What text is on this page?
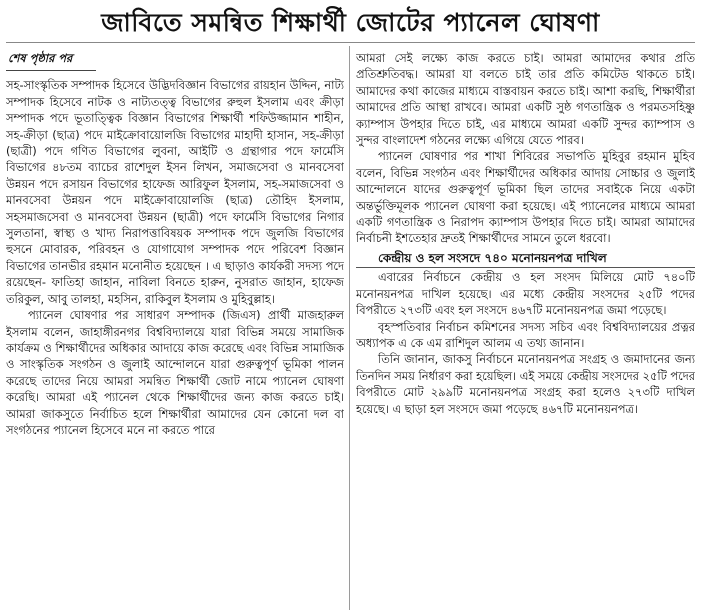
জাবিতে সমন্বিত শিক্ষার্থী জোটের প্যানেল ঘোষণা
শেষ পৃষ্ঠার পর

সহ-সাংস্কৃতিক সম্পাদক হিসেবে উদ্ভিদবিজ্ঞান বিভাগের রায়হান উদ্দিন, নাট্য সম্পাদক হিসেবে নাটক ও নাট্যতত্ত্ব বিভাগের রুহুল ইসলাম এবং ক্রীড়া সম্পাদক পদে ভূতাত্ত্বিক বিজ্ঞান বিভাগের শিক্ষার্থী শফিউজ্জামান শাহীন, সহ-ক্রীড়া (ছাত্র) পদে মাইক্রোবায়োলজি বিভাগের মাহাদী হাসান, সহ-ক্রীড়া (ছাত্রী) পদে গণিত বিভাগের লুবনা, আইটি ও গ্রন্থাগার পদে ফার্মেসি বিভাগের ৪৮তম ব্যাচের রাশেদুল ইসন লিখন, সমাজসেবা ও মানবসেবা উন্নয়ন পদে রসায়ন বিভাগের হাফেজ আরিফুল ইসলাম, সহ-সমাজসেবা ও মানবসেবা উন্নয়ন পদে মাইক্রোবায়োলজি (ছাত্র) তৌহিদ ইসলাম, সহসমাজসেবা ও মানবসেবা উন্নয়ন (ছাত্রী) পদে ফার্মেসি বিভাগের নিগার সুলতানা, স্বাস্থ্য ও খাদ্য নিরাপত্তাবিষয়ক সম্পাদক পদে জুলজি বিভাগের হুসনে মোবারক, পরিবহন ও যোগাযোগ সম্পাদক পদে পরিবেশ বিজ্ঞান বিভাগের তানভীর রহমান মনোনীত হয়েছেন । এ ছাড়াও কার্যকরী সদস্য পদে রয়েছেন- ফাতিহা জাহান, নাবিলা বিনতে হারুন, নুসরাত জাহান, হাফেজ তরিকুল, আবু তালহা, মহসিন, রাকিবুল ইসলাম ও মুহিবুল্লাহ।

প্যানেল ঘোষণার পর সাধারণ সম্পাদক (জিএস) প্রার্থী মাজহারুল ইসলাম বলেন, জাহাঙ্গীরনগর বিশ্ববিদ্যালয়ে যারা বিভিন্ন সময়ে সামাজিক কার্যক্রম ও শিক্ষার্থীদের অধিকার আদায়ে কাজ করেছে এবং বিভিন্ন সামাজিক ও সাংস্কৃতিক সংগঠন ও জুলাই আন্দোলনে যারা গুরুত্বপূর্ণ ভূমিকা পালন করেছে তাদের নিয়ে আমরা সমন্বিত শিক্ষার্থী জোট নামে প্যানেল ঘোষণা করেছি। আমরা এই প্যানেল থেকে শিক্ষার্থীদের জন্য কাজ করতে চাই। আমরা জাকসুতে নির্বাচিত হলে শিক্ষার্থীরা আমাদের যেন কোনো দল বা সংগঠনের প্যানেল হিসেবে মনে না করতে পারে

আমরা সেই লক্ষ্যে কাজ করতে চাই। আমরা আমাদের কথার প্রতি প্রতিশ্রুতিবদ্ধ। আমরা যা বলতে চাই তার প্রতি কমিটেড থাকতে চাই। আমাদের কথা কাজের মাধ্যমে বাস্তবায়ন করতে চাই। আশা করছি, শিক্ষার্থীরা আমাদের প্রতি আস্থা রাখবে। আমরা একটি সুষ্ঠ গণতান্ত্রিক ও পরমতসহিষ্ণু ক্যাম্পাস উপহার দিতে চাই, এর মাধ্যমে আমরা একটি সুন্দর ক্যাম্পাস ও সুন্দর বাংলাদেশ গঠনের লক্ষ্যে এগিয়ে যেতে পারব।

প্যানেল ঘোষণার পর শাখা শিবিরের সভাপতি মুহিবুর রহমান মুহিব বলেন, বিভিন্ন সংগঠন এবং শিক্ষার্থীদের অধিকার আদায় সোচ্চার ও জুলাই আন্দোলনে যাদের গুরুত্বপূর্ণ ভূমিকা ছিল তাদের সবাইকে নিয়ে একটা অন্তর্ভুক্তিমূলক প্যানেল ঘোষণা করা হয়েছে। এই প্যানেলের মাধ্যমে আমরা একটি গণতান্ত্রিক ও নিরাপদ ক্যাম্পাস উপহার দিতে চাই। আমরা আমাদের নির্বাচনী ইশতেহার দ্রুতই শিক্ষার্থীদের সামনে তুলে ধরবো।

কেন্দ্রীয় ও হল সংসদে ৭৪০ মনোনয়নপত্র দাখিল

এবারের নির্বাচনে কেন্দ্রীয় ও হল সংসদ মিলিয়ে মোট ৭৪০টি মনোনয়নপত্র দাখিল হয়েছে। এর মধ্যে কেন্দ্রীয় সংসদের ২৫টি পদের বিপরীতে ২৭৩টি এবং হল সংসদে ৪৬৭টি মনোনয়নপত্র জমা পড়েছে।

বৃহস্পতিবার নির্বাচন কমিশনের সদস্য সচিব এবং বিশ্ববিদ্যালয়ের প্রত্নর অধ্যাপক এ কে এম রাশিদুল আলম এ তথ্য জানান।

তিনি জানান, জাকসু নির্বাচনে মনোনয়নপত্র সংগ্রহ ও জমাদানের জন্য তিনদিন সময় নির্ধারণ করা হয়েছিল। এই সময়ে কেন্দ্রীয় সংসদের ২৫টি পদের বিপরীতে মোট ২৯৯টি মনোনয়নপত্র সংগ্রহ করা হলেও ২৭৩টি দাখিল হয়েছে। এ ছাড়া হল সংসদে জমা পড়েছে ৪৬৭টি মনোনয়নপত্র।
